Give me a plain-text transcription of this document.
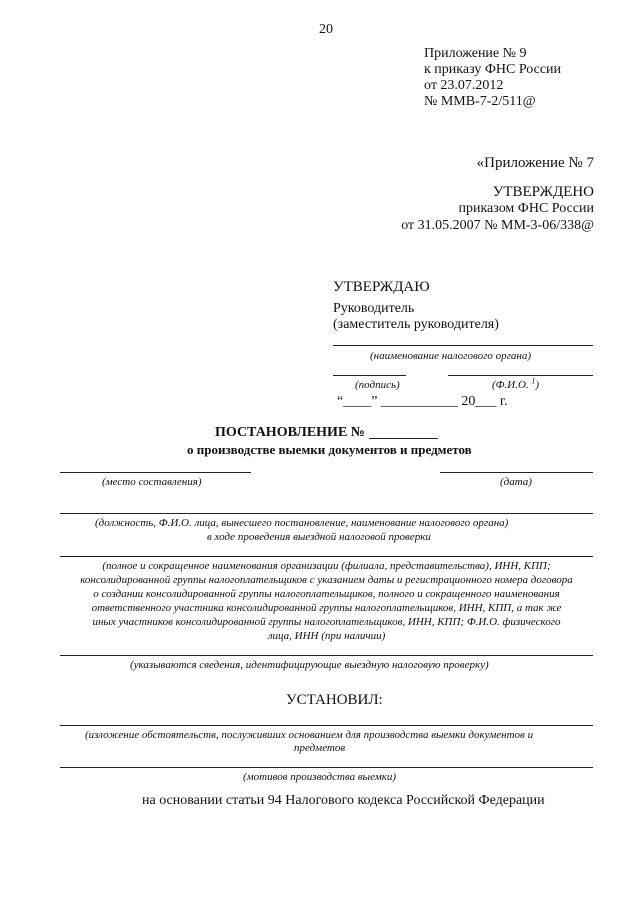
20
Приложение № 9
к приказу ФНС России
от 23.07.2012
№ ММВ-7-2/511@
«Приложение № 7
УТВЕРЖДЕНО
приказом ФНС России
от 31.05.2007 № ММ-3-06/338@
УТВЕРЖДАЮ
Руководитель
(заместитель руководителя)
(наименование налогового органа)
(подпись)	(Ф.И.О. $^1$)
“____” ___________ 20___ г.
ПОСТАНОВЛЕНИЕ №
о производстве выемки документов и предметов
(место составления)	(дата)
(должность, Ф.И.О. лица, вынесшего постановление, наименование налогового органа)
в ходе проведения выездной налоговой проверки
(полное и сокращенное наименования организации (филиала, представительства), ИНН, КПП;
консолидированной группы налогоплательщиков с указанием даты и регистрационного номера договора
о создании консолидированной группы налогоплательщиков, полного и сокращенного наименования
ответственного участника консолидированной группы налогоплательщиков, ИНН, КПП, а так же
иных участников консолидированной группы налогоплательщиков, ИНН, КПП; Ф.И.О. физического
лица, ИНН (при наличии)
(указываются сведения, идентифицирующие выездную налоговую проверку)
УСТАНОВИЛ:
(изложение обстоятельств, послуживших основанием для производства выемки документов и
предметов
(мотивов производства выемки)
на основании статьи 94 Налогового кодекса Российской Федерации
